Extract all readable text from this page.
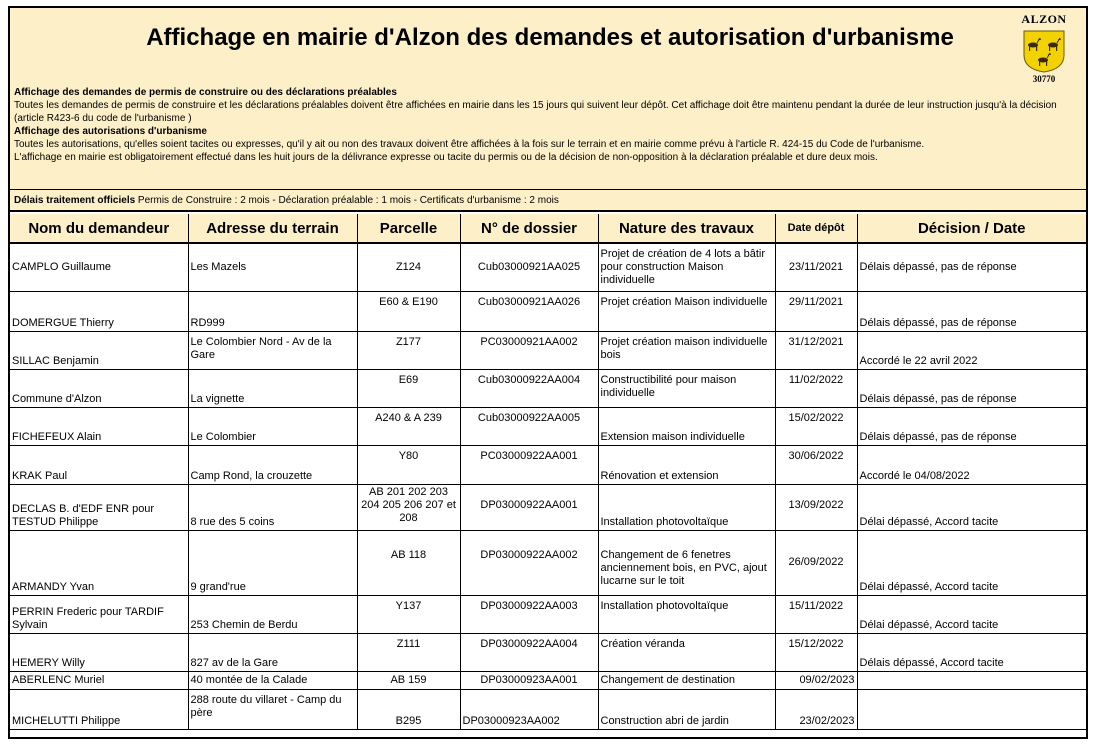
Affichage en mairie d'Alzon des demandes et autorisation d'urbanisme
ALZON
30770
Affichage des demandes de permis de construire ou des déclarations préalables
Toutes les demandes de permis de construire et les déclarations préalables doivent être affichées en mairie dans les 15 jours qui suivent leur dépôt. Cet affichage doit être maintenu pendant la durée de leur instruction jusqu'à la décision (article R423-6 du code de l'urbanisme )
Affichage des autorisations d'urbanisme
Toutes les autorisations, qu'elles soient tacites ou expresses, qu'il y ait ou non des travaux doivent être affichées à la fois sur le terrain et en mairie comme prévu à l'article R. 424-15 du Code de l'urbanisme.
L'affichage en mairie est obligatoirement effectué dans les huit jours de la délivrance expresse ou tacite du permis ou de la décision de non-opposition à la déclaration préalable et dure deux mois.
Délais traitement officiels Permis de Construire : 2 mois - Déclaration préalable : 1 mois - Certificats d'urbanisme : 2 mois
Nom du demandeur	Adresse du terrain	Parcelle	N° de dossier	Nature des travaux	Date dépôt	Décision / Date
CAMPLO Guillaume	Les Mazels	Z124	Cub03000921AA025	Projet de création de 4 lots a bâtir pour construction Maison individuelle	23/11/2021	Délais dépassé, pas de réponse
DOMERGUE Thierry	RD999	E60 & E190	Cub03000921AA026	Projet création Maison individuelle	29/11/2021	Délais dépassé, pas de réponse
SILLAC Benjamin	Le Colombier Nord - Av de la Gare	Z177	PC03000921AA002	Projet création maison individuelle bois	31/12/2021	Accordé le 22 avril 2022
Commune d'Alzon	La vignette	E69	Cub03000922AA004	Constructibilité pour maison individuelle	11/02/2022	Délais dépassé, pas de réponse
FICHEFEUX Alain	Le Colombier	A240 & A 239	Cub03000922AA005	Extension maison individuelle	15/02/2022	Délais dépassé, pas de réponse
KRAK Paul	Camp Rond, la crouzette	Y80	PC03000922AA001	Rénovation et extension	30/06/2022	Accordé le 04/08/2022
DECLAS B. d'EDF ENR pour TESTUD Philippe	8 rue des 5 coins	AB 201 202 203 204 205 206 207 et 208	DP03000922AA001	Installation photovoltaïque	13/09/2022	Délai dépassé, Accord tacite
ARMANDY Yvan	9 grand'rue	AB 118	DP03000922AA002	Changement de 6 fenetres anciennement bois, en PVC, ajout lucarne sur le toit	26/09/2022	Délai dépassé, Accord tacite
PERRIN Frederic pour TARDIF Sylvain	253 Chemin de Berdu	Y137	DP03000922AA003	Installation photovoltaïque	15/11/2022	Délai dépassé, Accord tacite
HEMERY Willy	827 av de la Gare	Z111	DP03000922AA004	Création véranda	15/12/2022	Délais dépassé, Accord tacite
ABERLENC Muriel	40 montée de la Calade	AB 159	DP03000923AA001	Changement de destination	09/02/2023	
MICHELUTTI Philippe	288 route du villaret - Camp du père	B295	DP03000923AA002	Construction abri de jardin	23/02/2023	
